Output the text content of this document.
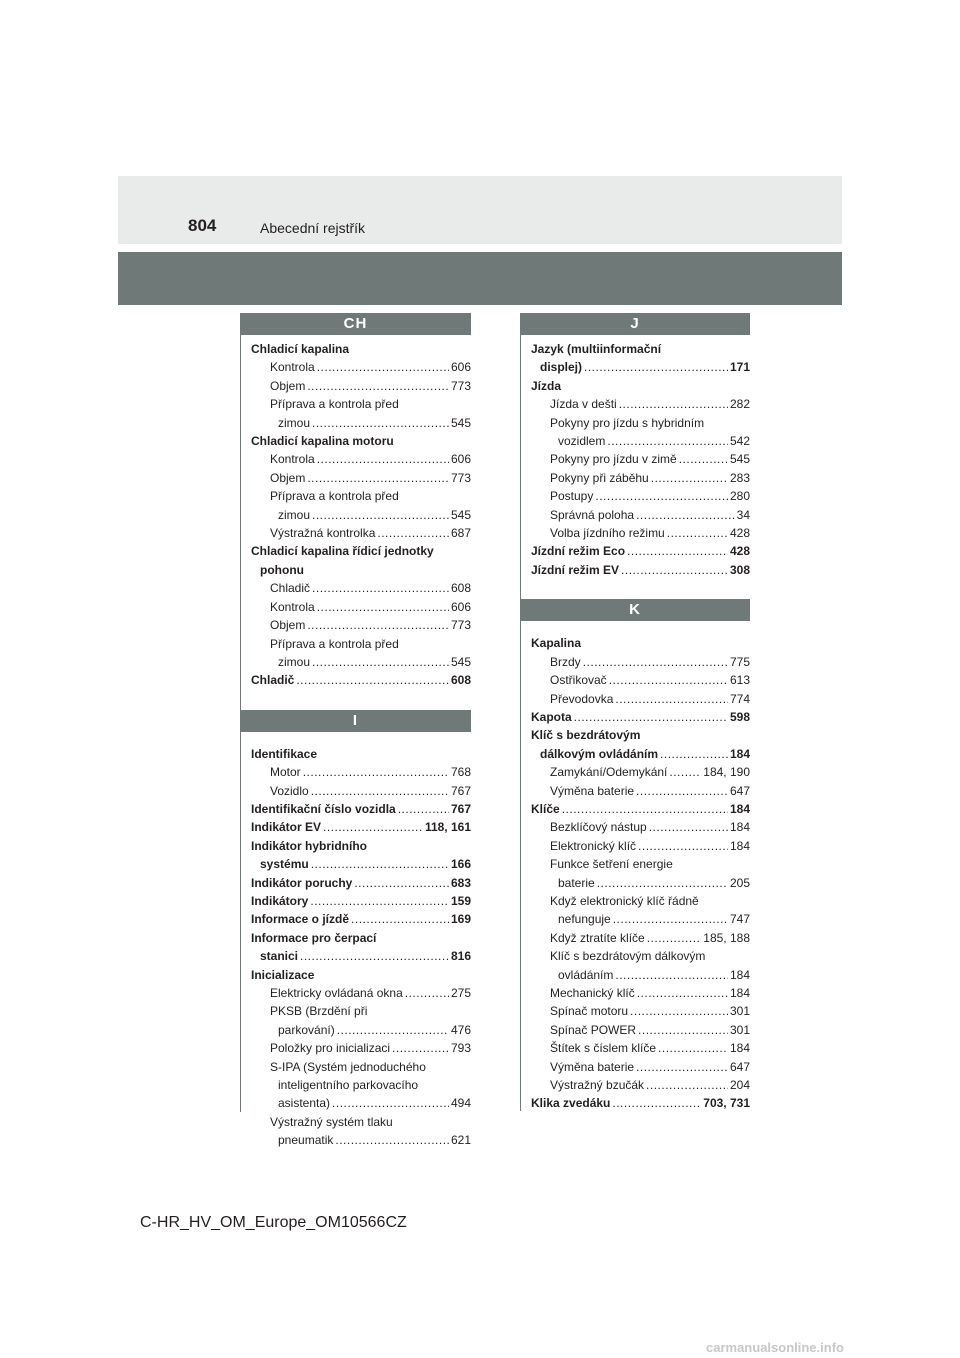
804	Abecední rejstřík
CH
Chladicí kapalina
Kontrola .....	606
Objem .....	773
Příprava a kontrola před
zimou .....	545
Chladicí kapalina motoru
Kontrola .....	606
Objem .....	773
Příprava a kontrola před
zimou .....	545
Výstražná kontrolka .....	687
Chladicí kapalina řídicí jednotky
pohonu
Chladič .....	608
Kontrola .....	606
Objem .....	773
Příprava a kontrola před
zimou .....	545
Chladič .....	608
I
Identifikace
Motor .....	768
Vozidlo .....	767
Identifikační číslo vozidla .....	767
Indikátor EV .....	118, 161
Indikátor hybridního
systému .....	166
Indikátor poruchy .....	683
Indikátory .....	159
Informace o jízdě .....	169
Informace pro čerpací
stanici .....	816
Inicializace
Elektricky ovládaná okna .....	275
PKSB (Brzdění při
parkování) .....	476
Položky pro inicializaci .....	793
S-IPA (Systém jednoduchého
inteligentního parkovacího
asistenta) .....	494
Výstražný systém tlaku
pneumatik .....	621
J
Jazyk (multiinformační
displej) .....	171
Jízda
Jízda v dešti .....	282
Pokyny pro jízdu s hybridním
vozidlem .....	542
Pokyny pro jízdu v zimě .....	545
Pokyny při záběhu .....	283
Postupy .....	280
Správná poloha .....	34
Volba jízdního režimu .....	428
Jízdní režim Eco .....	428
Jízdní režim EV .....	308
K
Kapalina
Brzdy .....	775
Ostřikovač .....	613
Převodovka .....	774
Kapota .....	598
Klíč s bezdrátovým
dálkovým ovládáním .....	184
Zamykání/Odemykání .....	184, 190
Výměna baterie .....	647
Klíče .....	184
Bezklíčový nástup .....	184
Elektronický klíč .....	184
Funkce šetření energie
baterie .....	205
Když elektronický klíč řádně
nefunguje .....	747
Když ztratíte klíče .....	185, 188
Klíč s bezdrátovým dálkovým
ovládáním .....	184
Mechanický klíč .....	184
Spínač motoru .....	301
Spínač POWER .....	301
Štítek s číslem klíče .....	184
Výměna baterie .....	647
Výstražný bzučák .....	204
Klika zvedáku .....	703, 731
C-HR_HV_OM_Europe_OM10566CZ
carmanualsonline.info
